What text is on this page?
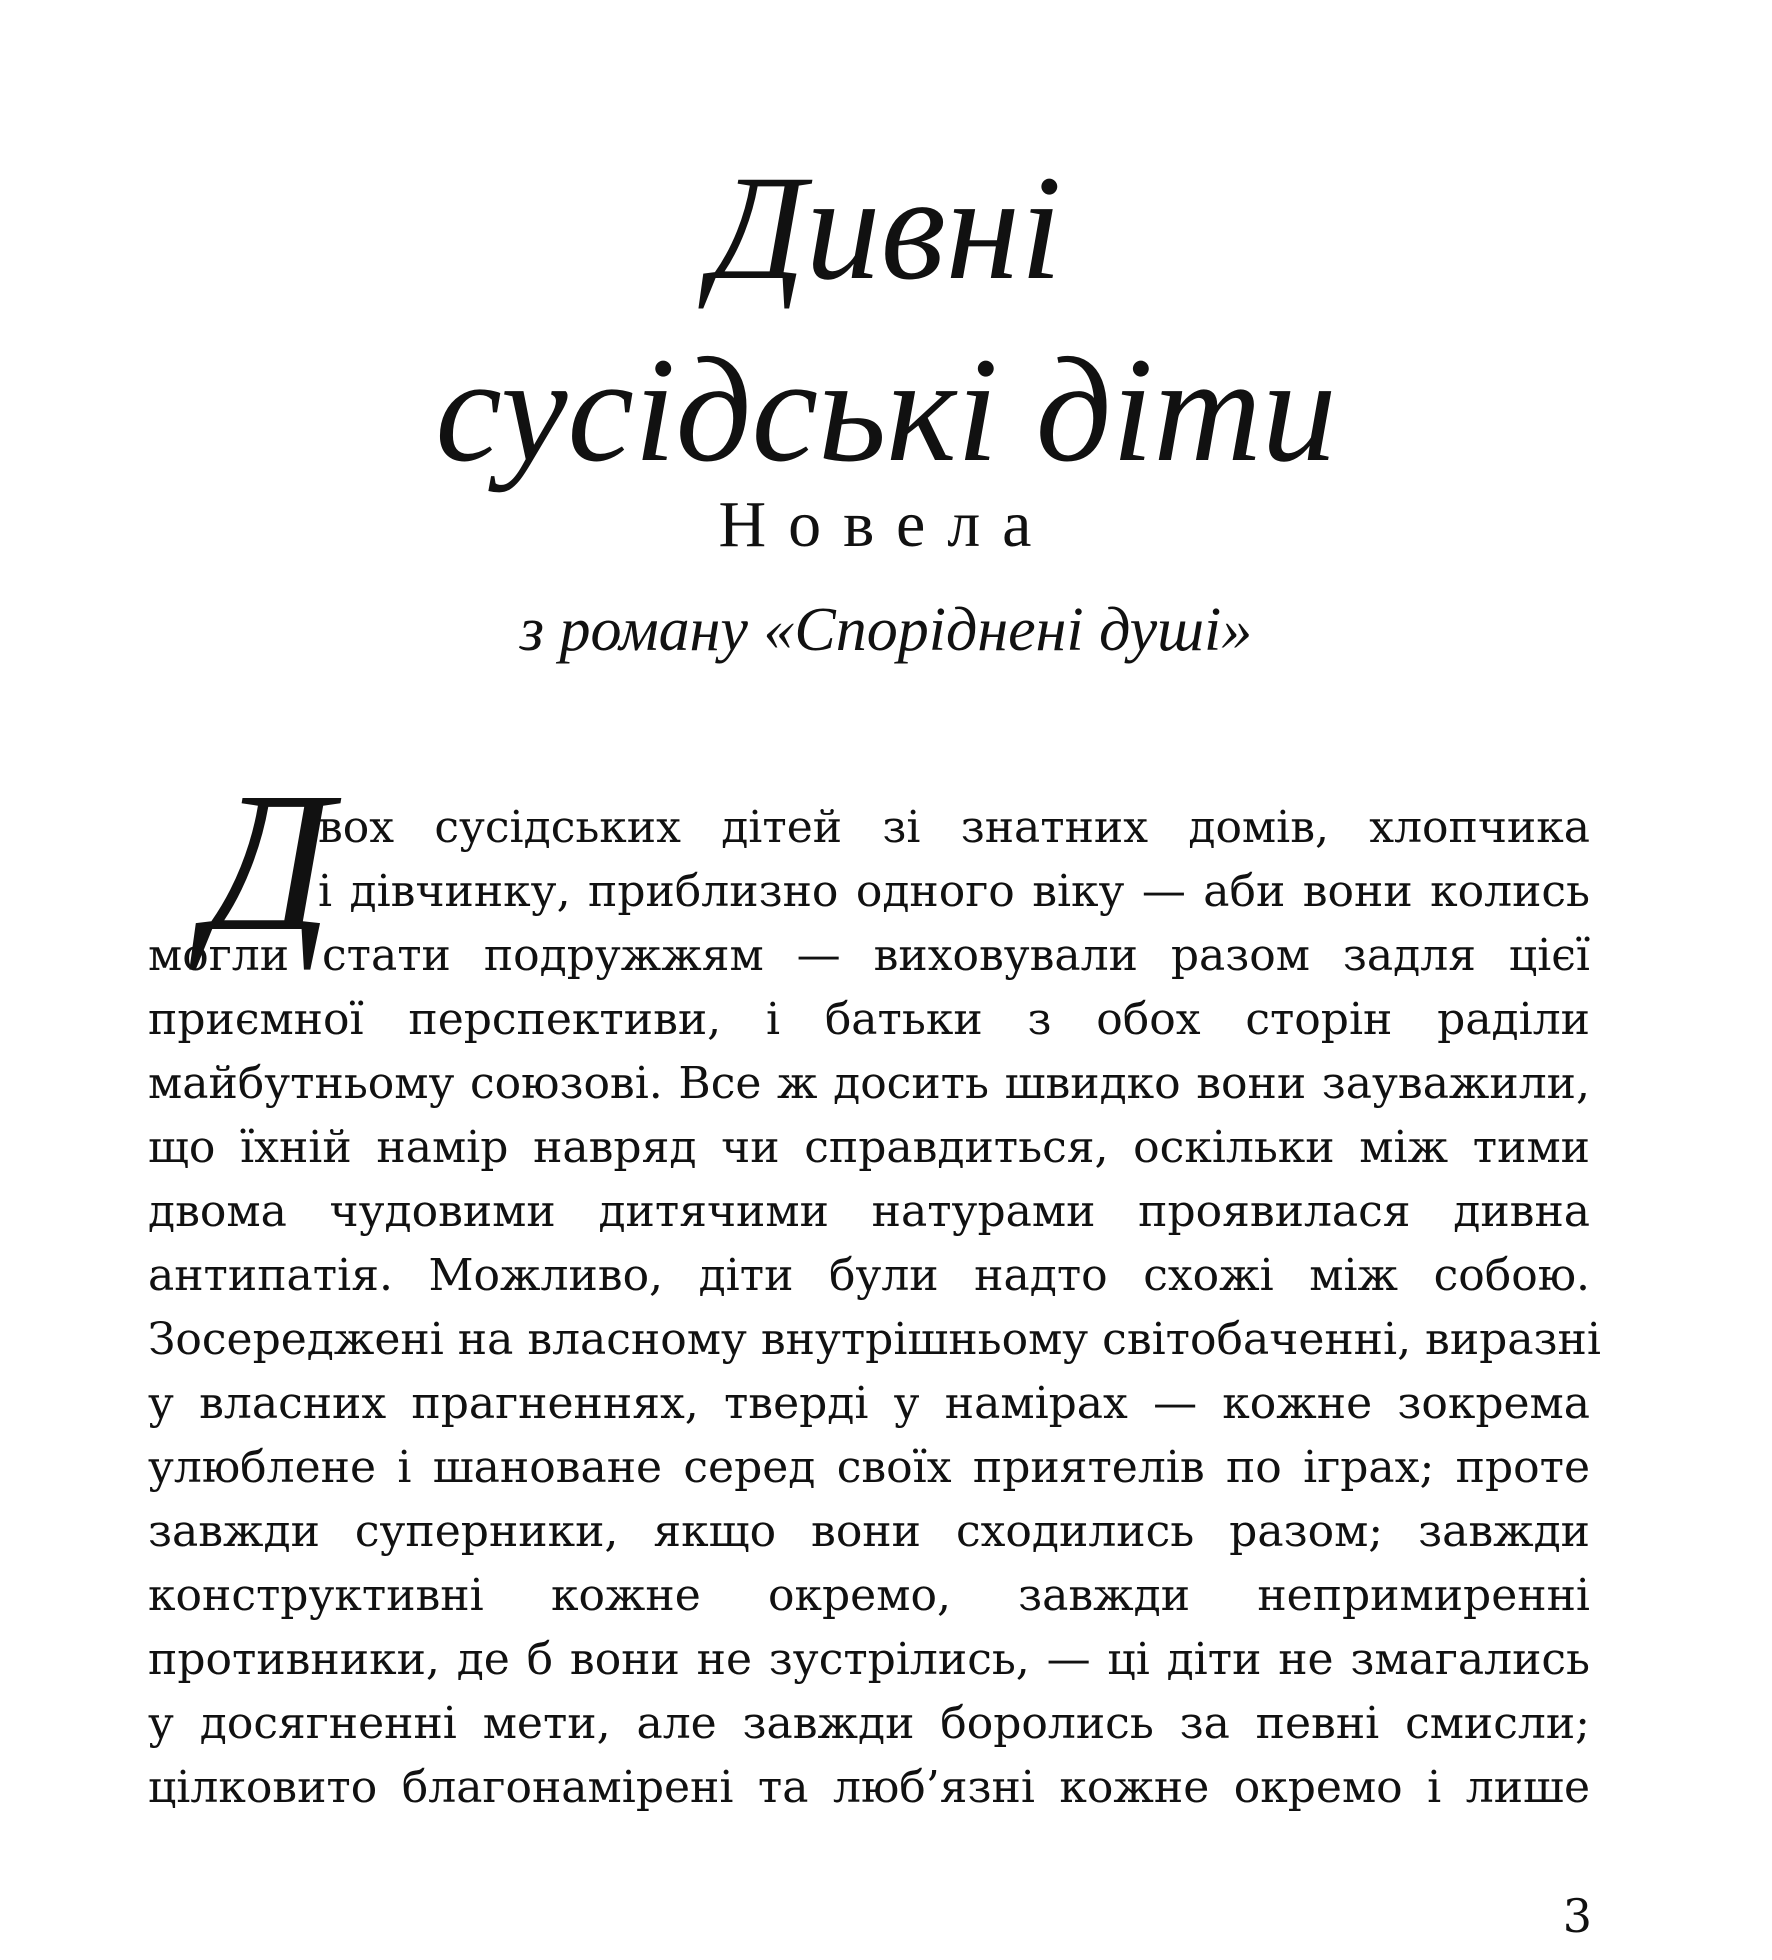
Дивні
сусідські діти
Новела
з роману «Споріднені душі»
Д
вох сусідських дітей зі знатних домів, хлопчика
і дівчинку, приблизно одного віку — аби вони колись
могли стати подружжям — виховували разом задля цієї
приємної перспективи, і батьки з обох сторін раділи
майбутньому союзові. Все ж досить швидко вони зауважили,
що їхній намір навряд чи справдиться, оскільки між тими
двома чудовими дитячими натурами проявилася дивна
антипатія. Можливо, діти були надто схожі між собою.
Зосереджені на власному внутрішньому світобаченні, виразні
у власних прагненнях, тверді у намірах — кожне зокрема
улюблене і шановане серед своїх приятелів по іграх; проте
завжди суперники, якщо вони сходились разом; завжди
конструктивні кожне окремо, завжди непримиренні
противники, де б вони не зустрілись, — ці діти не змагались
у досягненні мети, але завжди боролись за певні смисли;
цілковито благонамірені та люб’язні кожне окремо і лише
3
